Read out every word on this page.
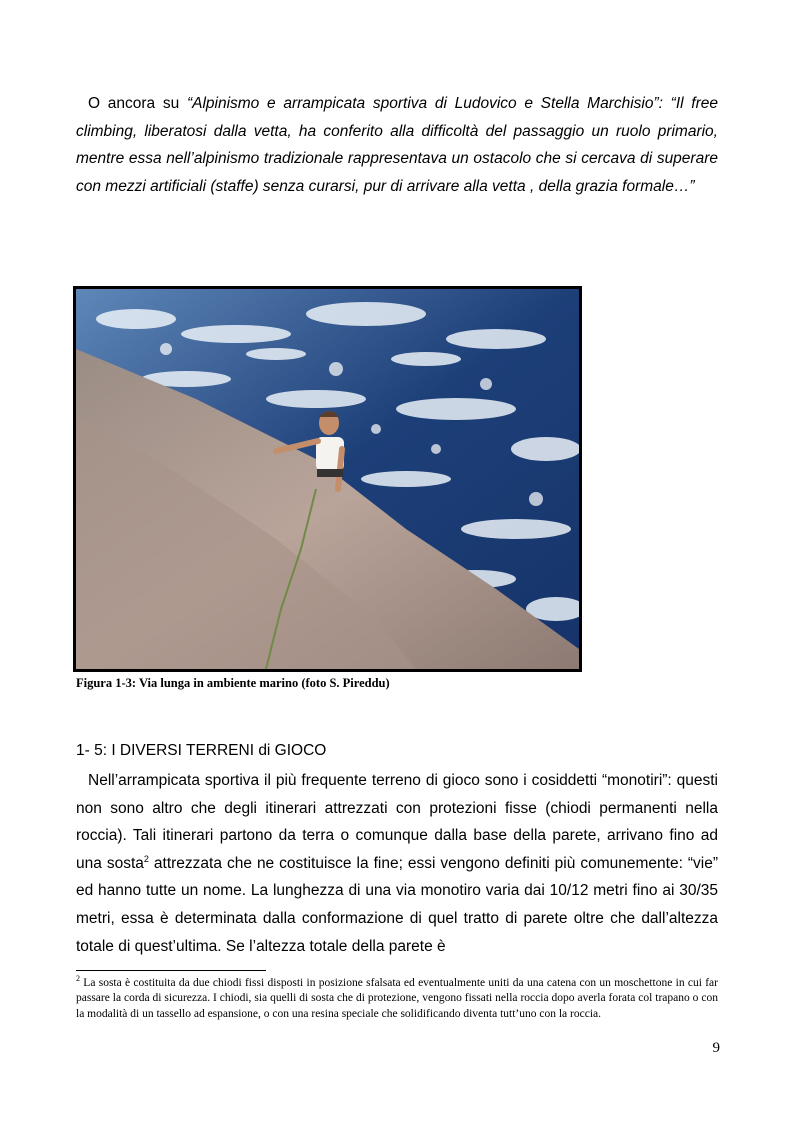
O ancora su “Alpinismo e arrampicata sportiva di Ludovico e Stella Marchisio”: “Il free climbing, liberatosi dalla vetta, ha conferito alla difficoltà del passaggio un ruolo primario, mentre essa nell’alpinismo tradizionale rappresentava un ostacolo che si cercava di superare con mezzi artificiali (staffe) senza curarsi, pur di arrivare alla vetta , della grazia formale…”

Figura 1-3: Via lunga in ambiente marino (foto S. Pireddu)

1- 5: I DIVERSI TERRENI di GIOCO

Nell’arrampicata sportiva il più frequente terreno di gioco sono i cosiddetti “monotiri”: questi non sono altro che degli itinerari attrezzati con protezioni fisse (chiodi permanenti nella roccia). Tali itinerari partono da terra o comunque dalla base della parete, arrivano fino ad una sosta$^2$ attrezzata che ne costituisce la fine; essi vengono definiti più comunemente: “vie” ed hanno tutte un nome. La lunghezza di una via monotiro varia dai 10/12 metri fino ai 30/35 metri, essa è determinata dalla conformazione di quel tratto di parete oltre che dall’altezza totale di quest’ultima. Se l’altezza totale della parete è

$^2$ La sosta è costituita da due chiodi fissi disposti in posizione sfalsata ed eventualmente uniti da una catena con un moschettone in cui far passare la corda di sicurezza. I chiodi, sia quelli di sosta che di protezione, vengono fissati nella roccia dopo averla forata col trapano o con la modalità di un tassello ad espansione, o con una resina speciale che solidificando diventa tutt’uno con la roccia.

9
